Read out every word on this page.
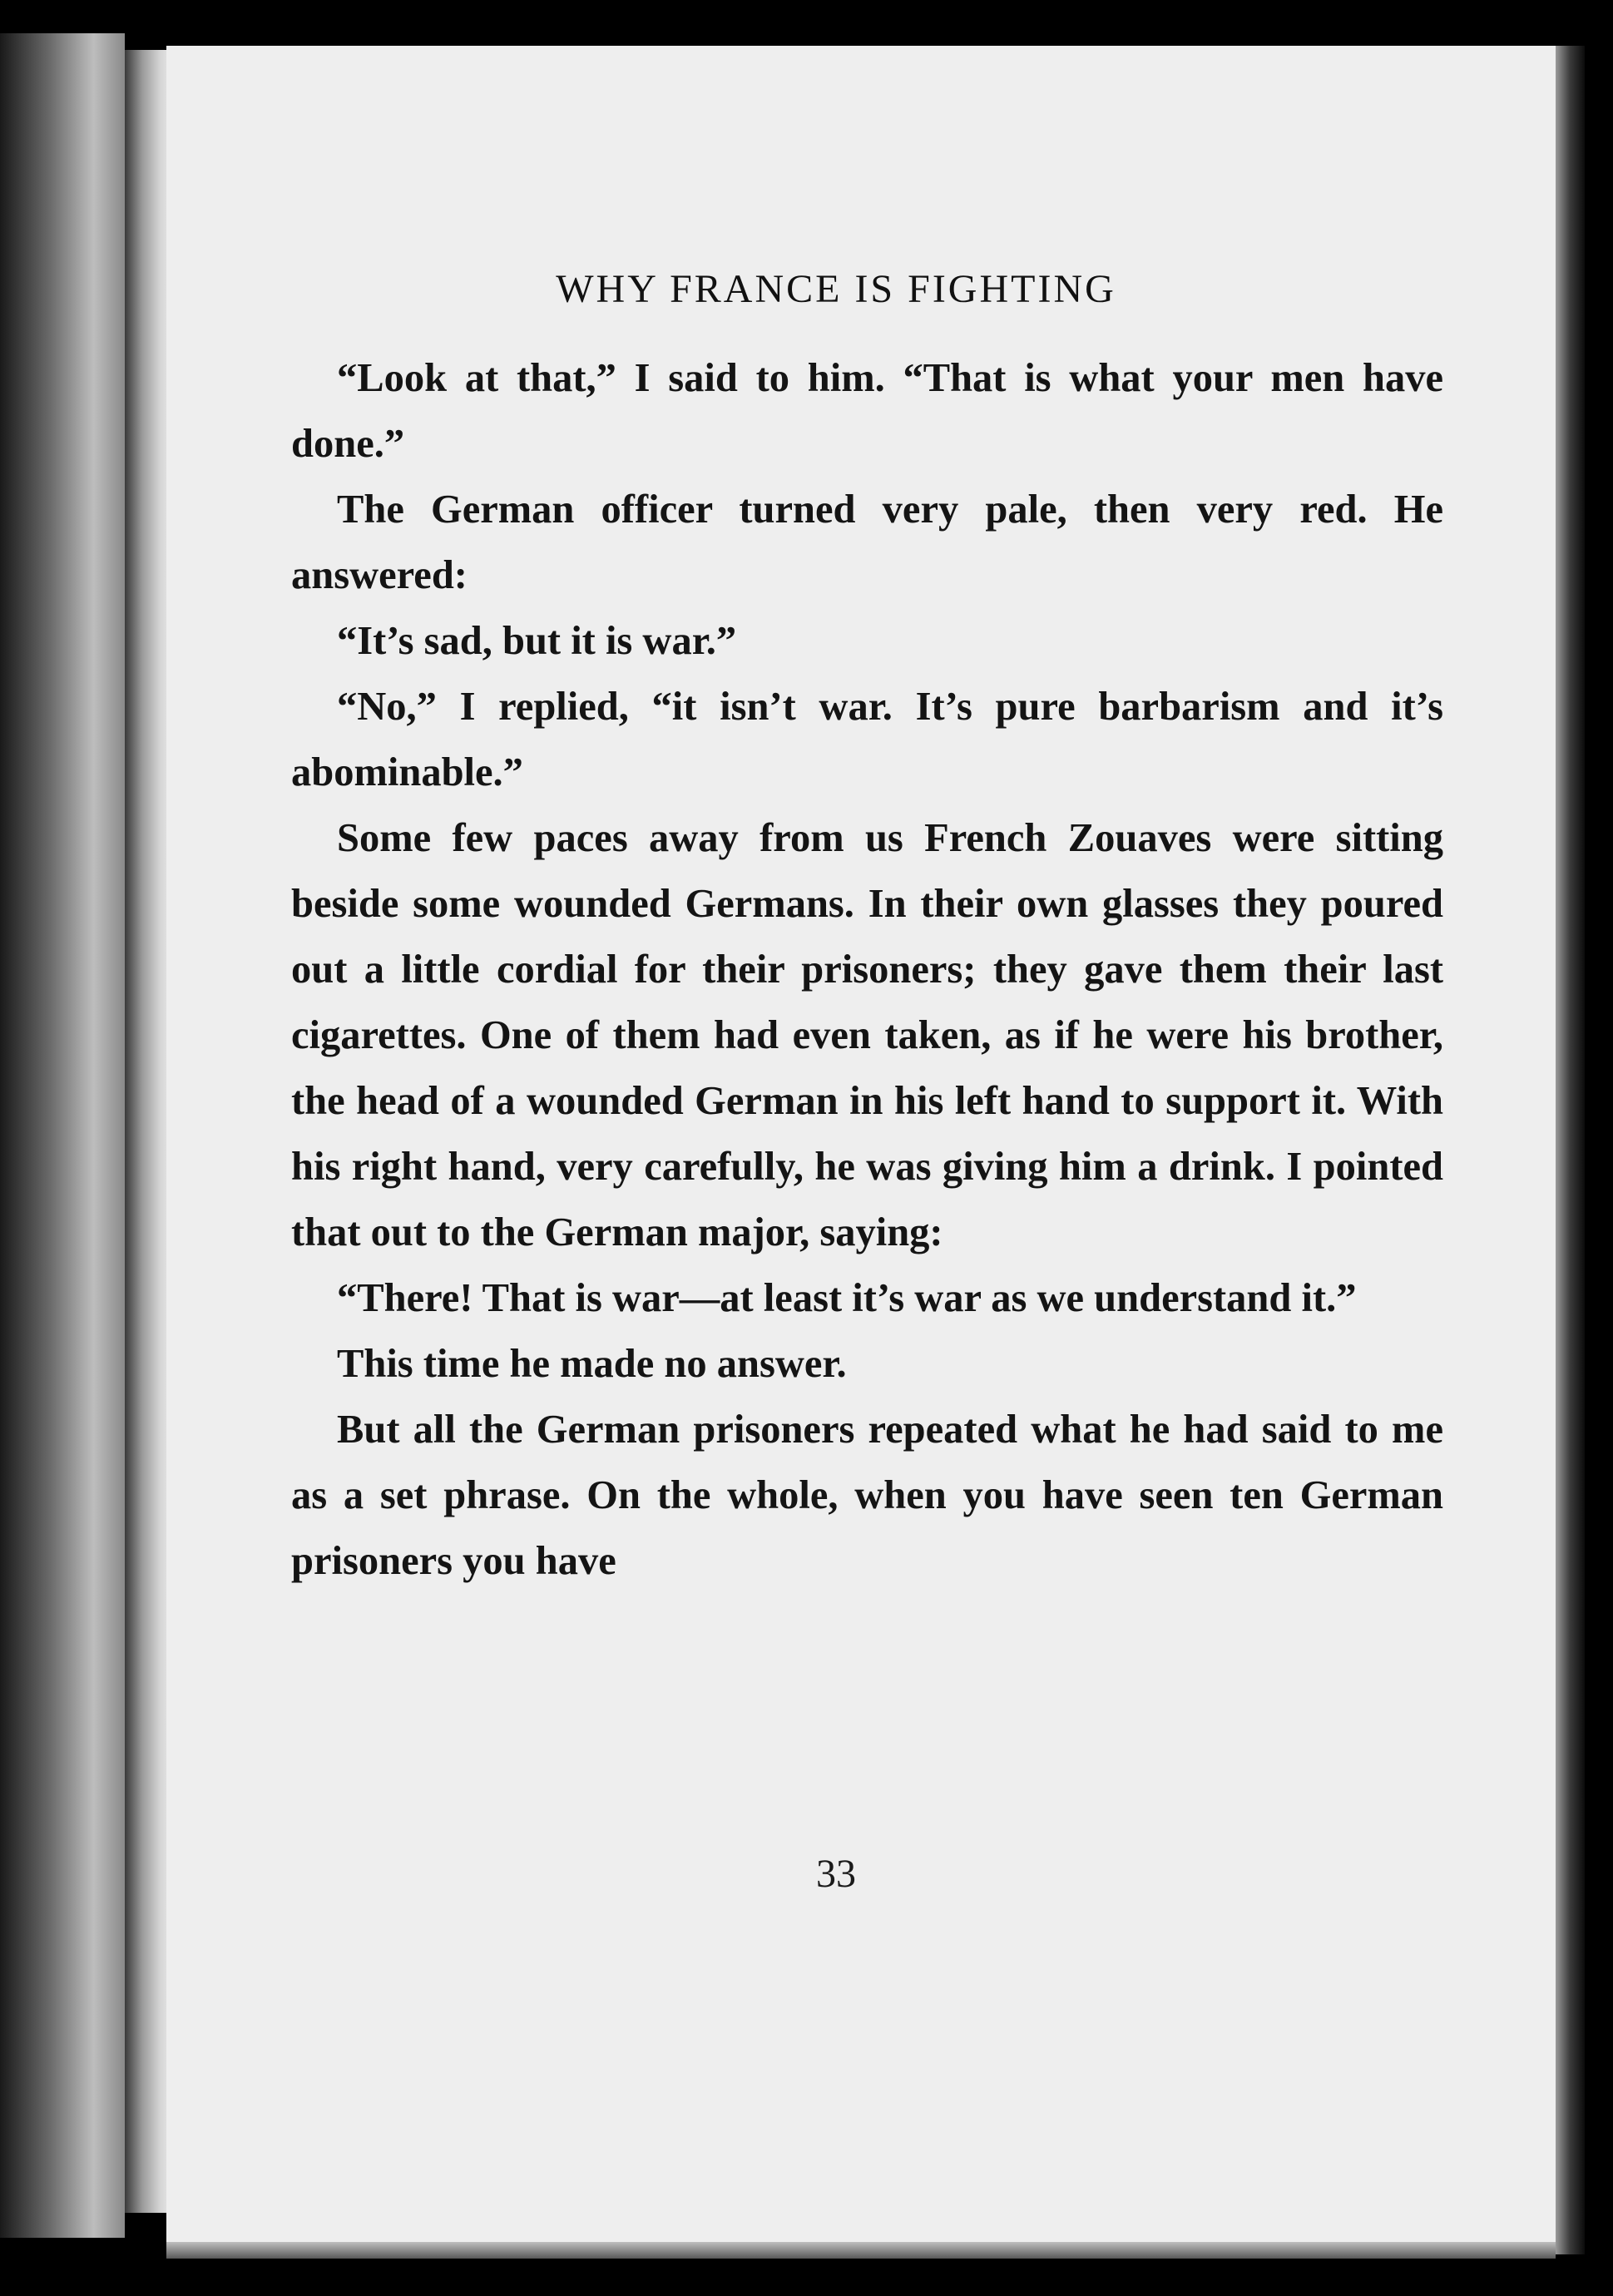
WHY FRANCE IS FIGHTING

“Look at that,” I said to him. “That is what your men have done.”

The German officer turned very pale, then very red. He answered:

“It’s sad, but it is war.”

“No,” I replied, “it isn’t war. It’s pure barbarism and it’s abominable.”

Some few paces away from us French Zouaves were sitting beside some wounded Germans. In their own glasses they poured out a little cordial for their prisoners; they gave them their last cigarettes. One of them had even taken, as if he were his brother, the head of a wounded German in his left hand to support it. With his right hand, very carefully, he was giving him a drink. I pointed that out to the German major, saying:

“There! That is war—at least it’s war as we understand it.”

This time he made no answer.

But all the German prisoners repeated what he had said to me as a set phrase. On the whole, when you have seen ten German prisoners you have

33
